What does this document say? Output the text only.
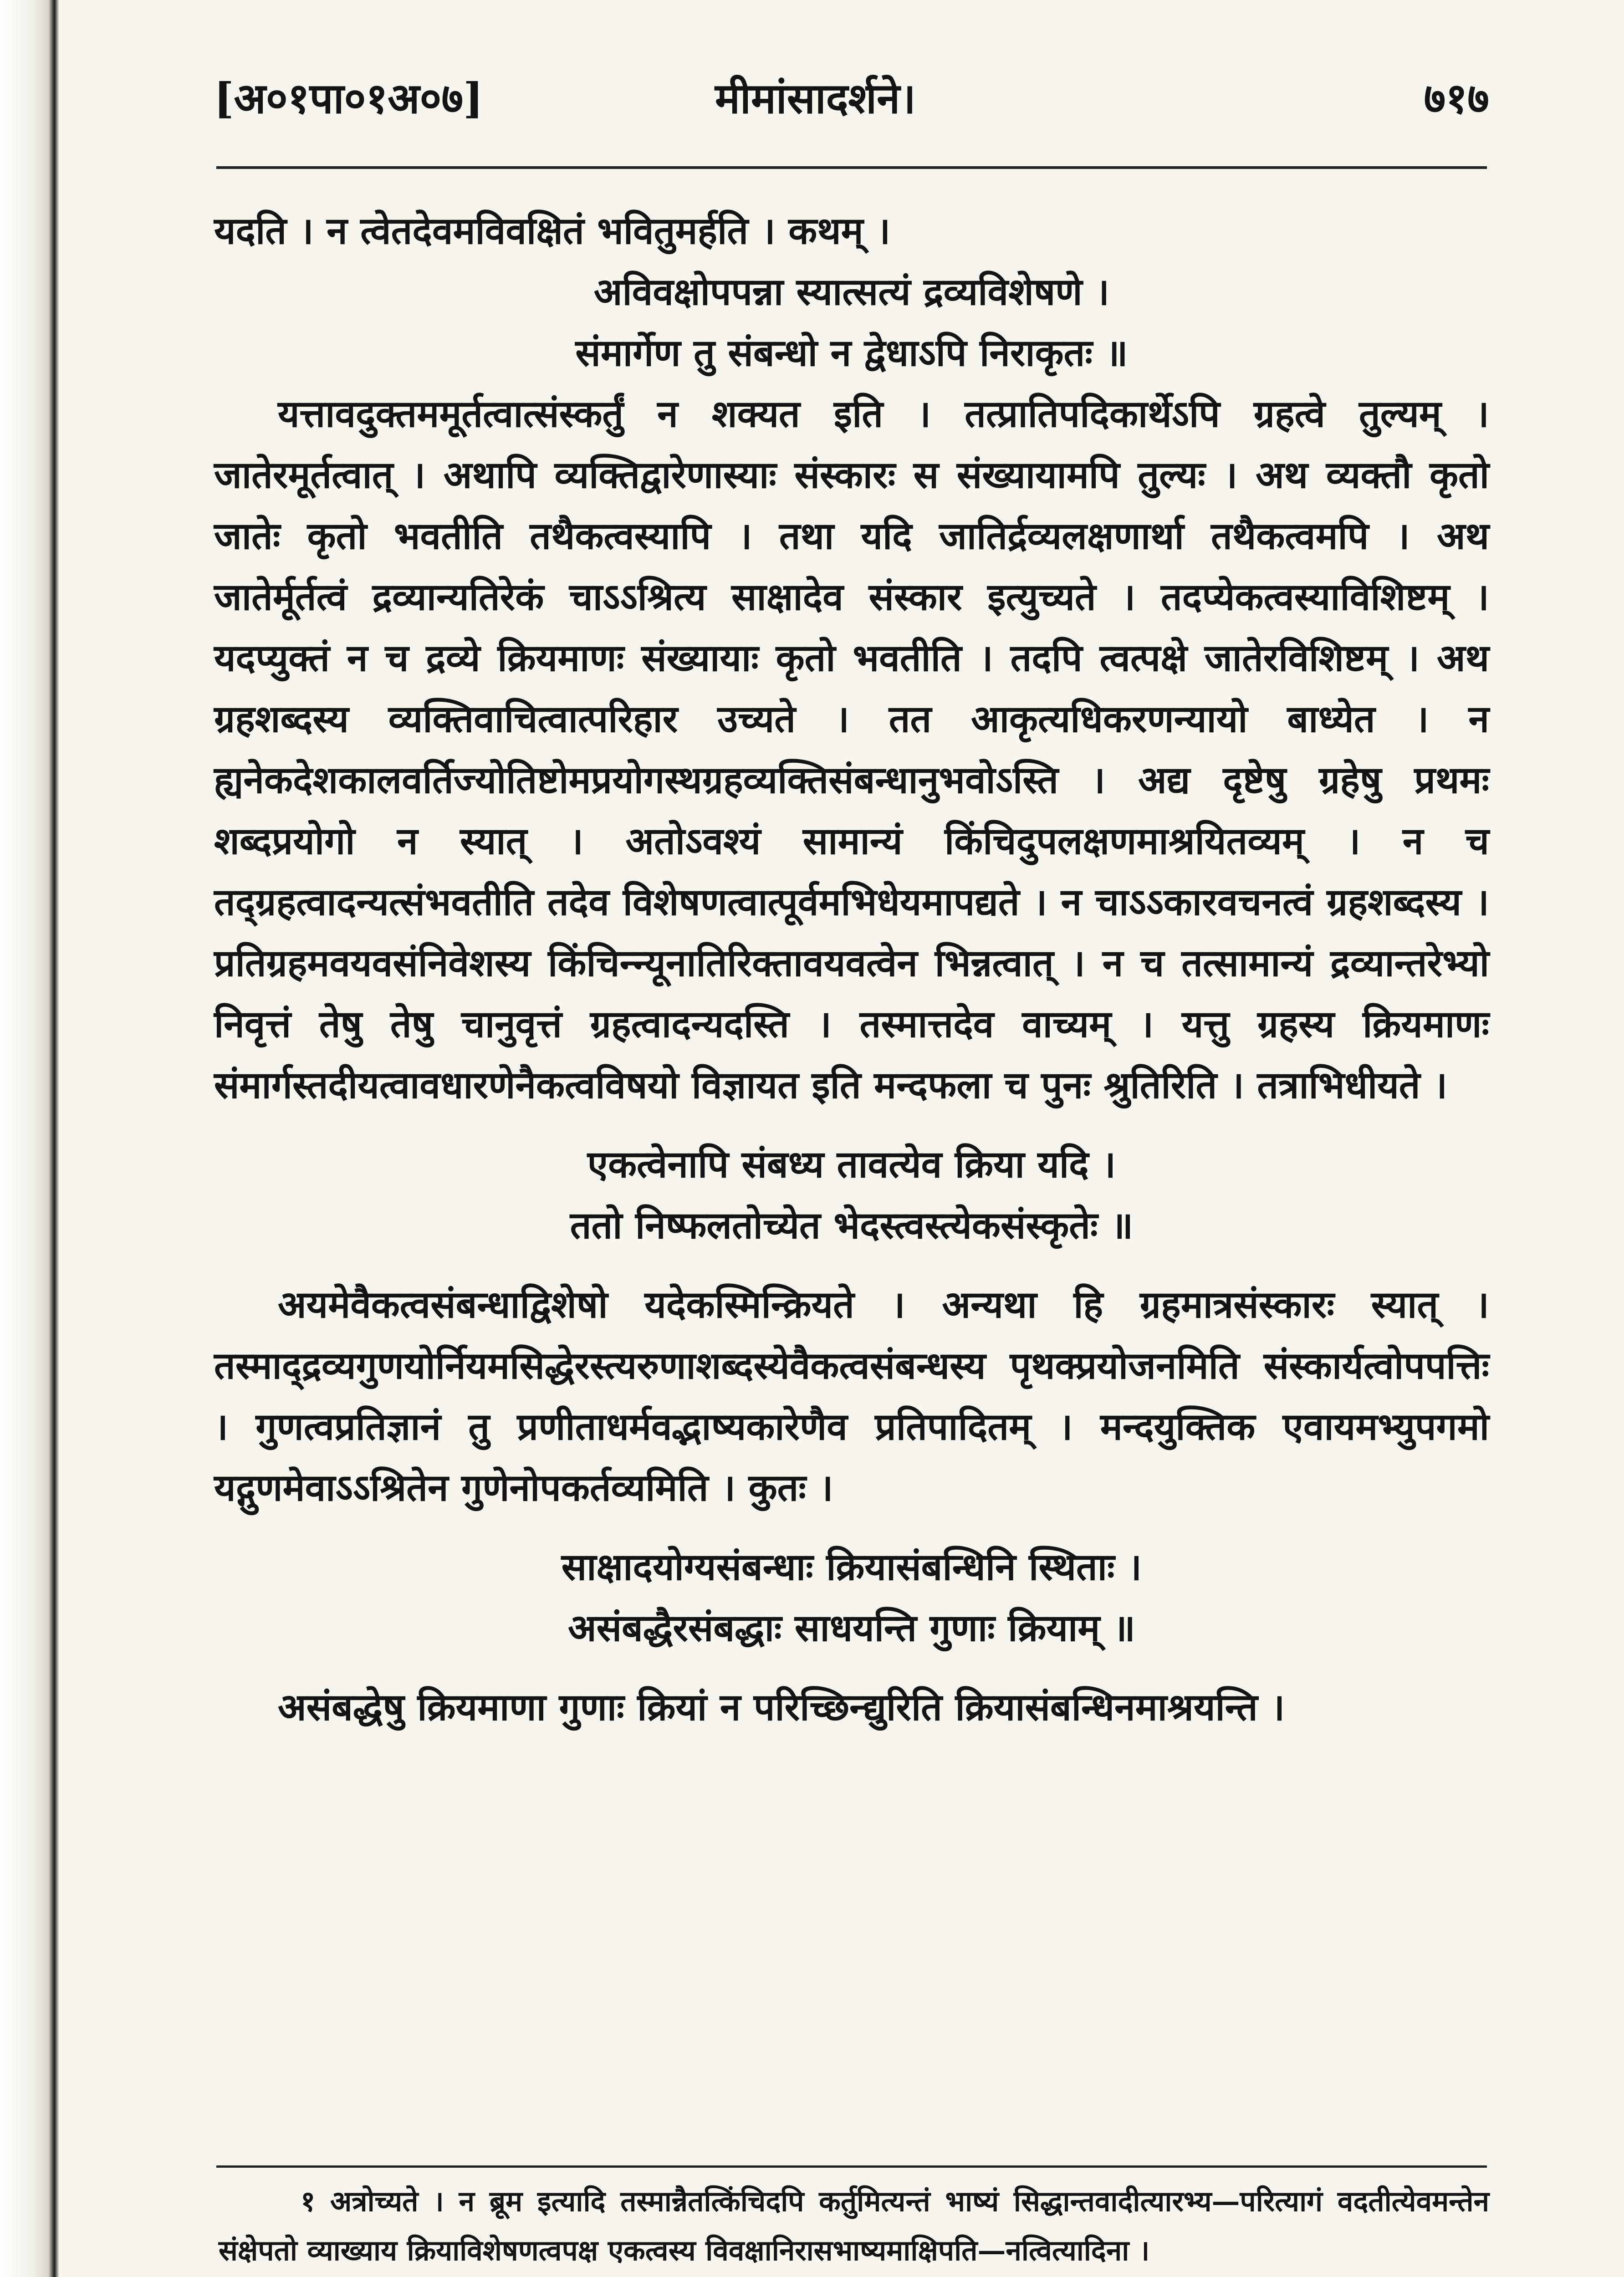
[अ०१पा०१अ०७]	मीमांसादर्शने।	७१७

यदति । न त्वेतदेवमविवक्षितं भवितुमर्हति । कथम् ।

अविवक्षोपपन्ना स्यात्सत्यं द्रव्यविशेषणे ।
संमार्गेण तु संबन्धो न द्वेधाऽपि निराकृतः ॥

यत्तावदुक्तममूर्तत्वात्संस्कर्तुं न शक्यत इति । तत्प्रातिपदिकार्थेऽपि ग्रहत्वे तुल्यम् । जातेरमूर्तत्वात् । अथापि व्यक्तिद्वारेणास्याः संस्कारः स संख्यायामपि तुल्यः । अथ व्यक्तौ कृतो जातेः कृतो भवतीति तथैकत्वस्यापि । तथा यदि जातिर्द्रव्यलक्षणार्था तथैकत्वमपि । अथ जातेर्मूर्तत्वं द्रव्यान्यतिरेकं चाऽऽश्रित्य साक्षादेव संस्कार इत्युच्यते । तदप्येकत्वस्याविशिष्टम् । यदप्युक्तं न च द्रव्ये क्रियमाणः संख्यायाः कृतो भवतीति । तदपि त्वत्पक्षे जातेरविशिष्टम् । अथ ग्रहशब्दस्य व्यक्तिवाचित्वात्परिहार उच्यते । तत आकृत्यधिकरणन्यायो बाध्येत । न ह्यनेकदेशकालवर्तिज्योतिष्टोमप्रयोगस्थग्रहव्यक्तिसंबन्धानुभवोऽस्ति । अद्य दृष्टेषु ग्रहेषु प्रथमः शब्दप्रयोगो न स्यात् । अतोऽवश्यं सामान्यं किंचिदुपलक्षणमाश्रयितव्यम् । न च तद्ग्रहत्वादन्यत्संभवतीति तदेव विशेषणत्वात्पूर्वमभिधेयमापद्यते । न चाऽऽकारवचनत्वं ग्रहशब्दस्य । प्रतिग्रहमवयवसंनिवेशस्य किंचिन्न्यूनातिरिक्तावयवत्वेन भिन्नत्वात् । न च तत्सामान्यं द्रव्यान्तरेभ्यो निवृत्तं तेषु तेषु चानुवृत्तं ग्रहत्वादन्यदस्ति । तस्मात्तदेव वाच्यम् । यत्तु ग्रहस्य क्रियमाणः संमार्गस्तदीयत्वावधारणेनैकत्वविषयो विज्ञायत इति मन्दफला च पुनः श्रुतिरिति । तत्राभिधीयते ।

एकत्वेनापि संबध्य तावत्येव क्रिया यदि ।
ततो निष्फलतोच्येत भेदस्त्वस्त्येकसंस्कृतेः ॥

अयमेवैकत्वसंबन्धाद्विशेषो यदेकस्मिन्क्रियते । अन्यथा हि ग्रहमात्रसंस्कारः स्यात् । तस्माद्द्रव्यगुणयोर्नियमसिद्धेरस्त्यरुणाशब्दस्येवैकत्वसंबन्धस्य पृथक्प्रयोजनमिति संस्कार्यत्वोपपत्तिः । गुणत्वप्रतिज्ञानं तु प्रणीताधर्मवद्भाष्यकारेणैव प्रतिपादितम् । मन्दयुक्तिक एवायमभ्युपगमो यद्गुणमेवाऽऽश्रितेन गुणेनोपकर्तव्यमिति । कुतः ।

साक्षादयोग्यसंबन्धाः क्रियासंबन्धिनि स्थिताः ।
असंबद्धैरसंबद्धाः साधयन्ति गुणाः क्रियाम् ॥

असंबद्धेषु क्रियमाणा गुणाः क्रियां न परिच्छिन्द्युरिति क्रियासंबन्धिनमाश्रयन्ति ।

१ अत्रोच्यते । न ब्रूम इत्यादि तस्मान्नैतत्किंचिदपि कर्तुमित्यन्तं भाष्यं सिद्धान्तवादीत्यारभ्य—परित्यागं वदतीत्येवमन्तेन संक्षेपतो व्याख्याय क्रियाविशेषणत्वपक्ष एकत्वस्य विवक्षानिरासभाष्यमाक्षिपति—नत्वित्यादिना ।
